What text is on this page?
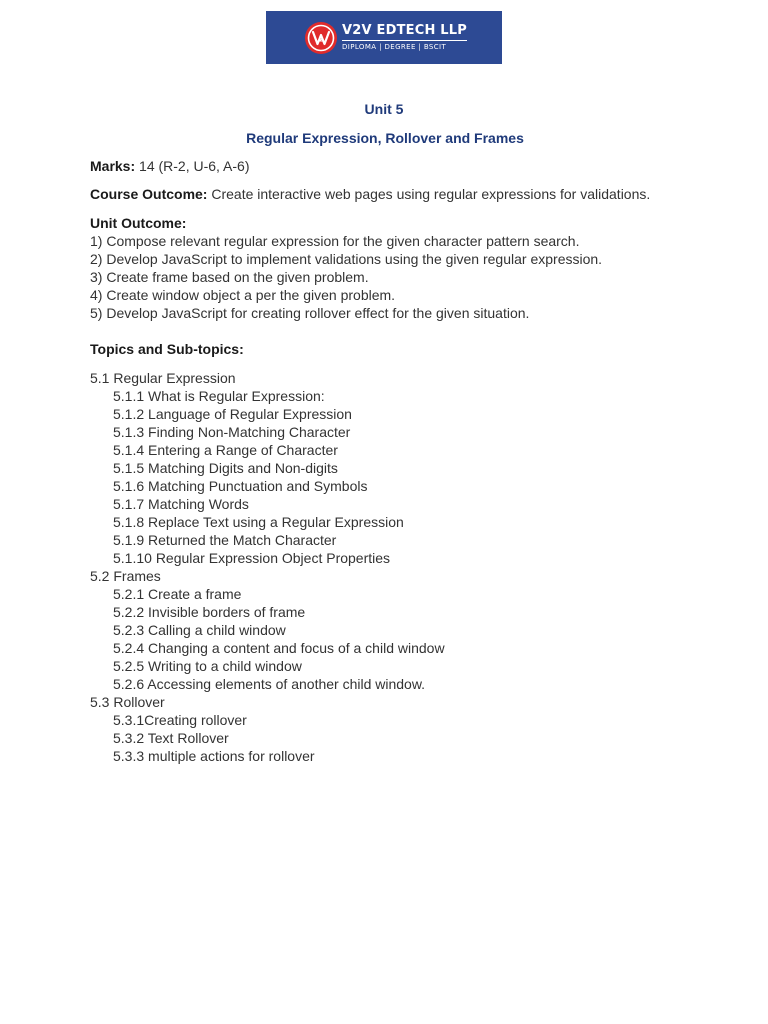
2
V2V EDTECH LLP
DIPLOMA | DEGREE | BSCIT
Unit 5
Regular Expression, Rollover and Frames
Marks: 14 (R-2, U-6, A-6)
Course Outcome: Create interactive web pages using regular expressions for validations.
Unit Outcome:
1) Compose relevant regular expression for the given character pattern search.
2) Develop JavaScript to implement validations using the given regular expression.
3) Create frame based on the given problem.
4) Create window object a per the given problem.
5) Develop JavaScript for creating rollover effect for the given situation.
Topics and Sub-topics:
5.1 Regular Expression
5.1.1 What is Regular Expression:
5.1.2 Language of Regular Expression
5.1.3 Finding Non-Matching Character
5.1.4 Entering a Range of Character
5.1.5 Matching Digits and Non-digits
5.1.6 Matching Punctuation and Symbols
5.1.7 Matching Words
5.1.8 Replace Text using a Regular Expression
5.1.9 Returned the Match Character
5.1.10 Regular Expression Object Properties
5.2 Frames
5.2.1 Create a frame
5.2.2 Invisible borders of frame
5.2.3 Calling a child window
5.2.4 Changing a content and focus of a child window
5.2.5 Writing to a child window
5.2.6 Accessing elements of another child window.
5.3 Rollover
5.3.1Creating rollover
5.3.2 Text Rollover
5.3.3 multiple actions for rollover
